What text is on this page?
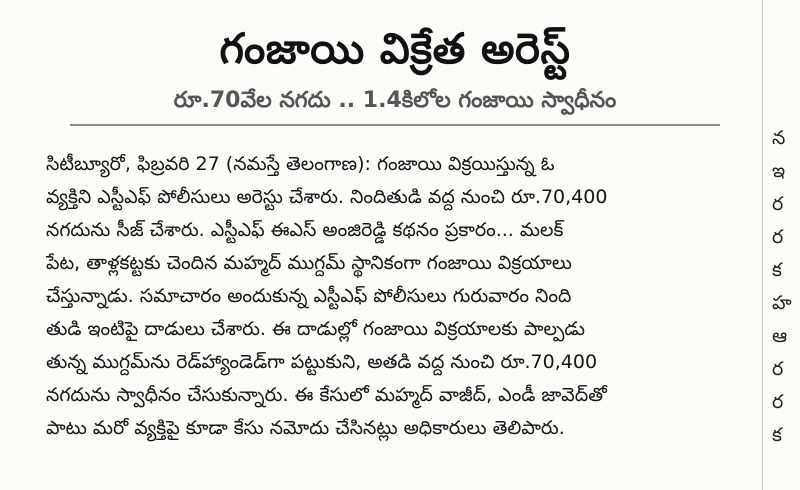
గంజాయి విక్రేత అరెస్ట్
రూ.70వేల నగదు .. 1.4కిలోల గంజాయి స్వాధీనం
సిటీబ్యూరో, ఫిబ్రవరి 27 (నమస్తే తెలంగాణ): గంజాయి విక్రయిస్తున్న ఓ
వ్యక్తిని ఎస్టీఎఫ్ పోలీసులు అరెస్టు చేశారు. నిందితుడి వద్ద నుంచి రూ.70,400
నగదును సీజ్ చేశారు. ఎస్టీఎఫ్ ఈఎస్ అంజిరెడ్డి కథనం ప్రకారం... మలక్
పేట, తాళ్లకట్టకు చెందిన మహ్మద్ ముగ్దమ్ స్థానికంగా గంజాయి విక్రయాలు
చేస్తున్నాడు. సమాచారం అందుకున్న ఎస్టీఎఫ్ పోలీసులు గురువారం నింది
తుడి ఇంటిపై దాడులు చేశారు. ఈ దాడుల్లో గంజాయి విక్రయాలకు పాల్పడు
తున్న ముగ్దమ్‌ను రెడ్‌హ్యాండెడ్‌గా పట్టుకుని, అతడి వద్ద నుంచి రూ.70,400
నగదును స్వాధీనం చేసుకున్నారు. ఈ కేసులో మహ్మద్ వాజీద్, ఎండీ జావెద్‌తో
పాటు మరో వ్యక్తిపై కూడా కేసు నమోదు చేసినట్లు అధికారులు తెలిపారు.
న
ఇ
ర
ర
క
హ
ఆ
ర
ర
క
